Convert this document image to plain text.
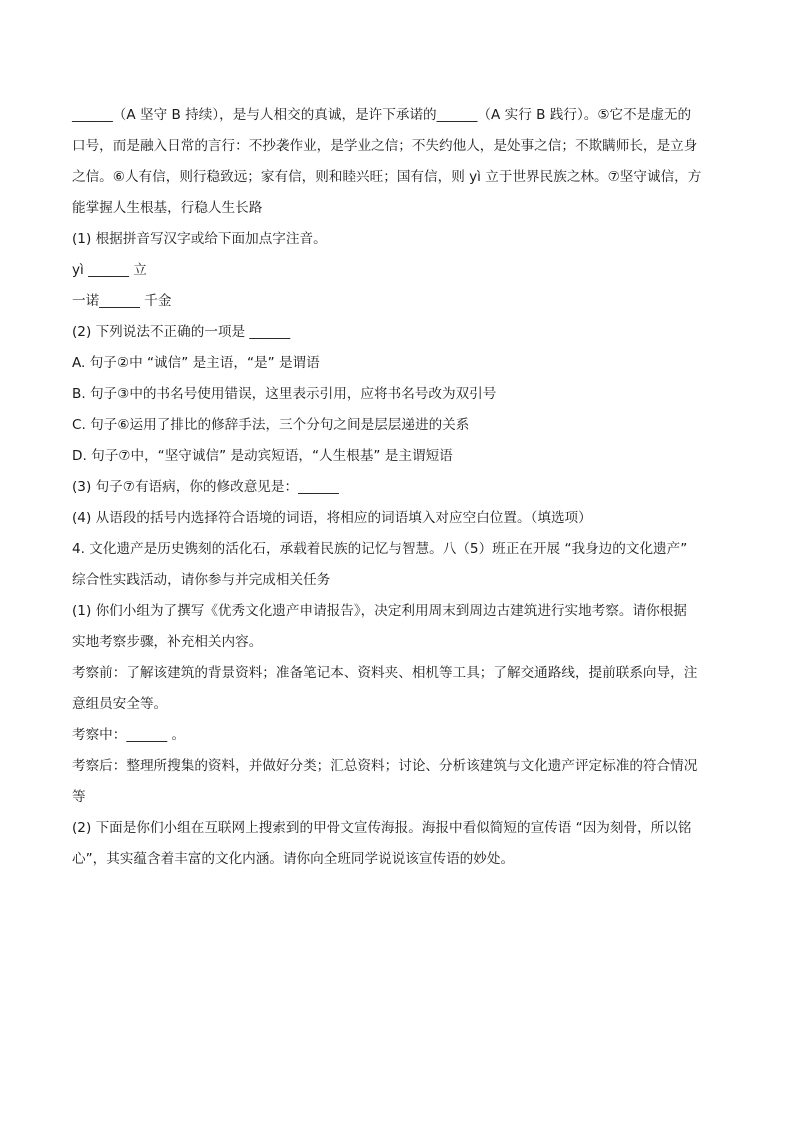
______（A 坚守 B 持续），是与人相交的真诚，是许下承诺的______（A 实行 B 践行）。⑤它不是虚无的

口号，而是融入日常的言行：不抄袭作业，是学业之信；不失约他人，是处事之信；不欺瞒师长，是立身

之信。⑥人有信，则行稳致远；家有信，则和睦兴旺；国有信，则 yì 立于世界民族之林。⑦坚守诚信，方

能掌握人生根基，行稳人生长路

(1) 根据拼音写汉字或给下面加点字注音。

yì ______ 立

一诺______ 千金

(2) 下列说法不正确的一项是 ______

A. 句子②中 “诚信” 是主语，“是” 是谓语

B. 句子③中的书名号使用错误，这里表示引用，应将书名号改为双引号

C. 句子⑥运用了排比的修辞手法，三个分句之间是层层递进的关系

D. 句子⑦中，“坚守诚信” 是动宾短语，“人生根基” 是主谓短语

(3) 句子⑦有语病，你的修改意见是：______

(4) 从语段的括号内选择符合语境的词语，将相应的词语填入对应空白位置。（填选项）

4. 文化遗产是历史镌刻的活化石，承载着民族的记忆与智慧。八（5）班正在开展 “我身边的文化遗产”

综合性实践活动，请你参与并完成相关任务

(1) 你们小组为了撰写《优秀文化遗产申请报告》，决定利用周末到周边古建筑进行实地考察。请你根据

实地考察步骤，补充相关内容。

考察前：了解该建筑的背景资料；准备笔记本、资料夹、相机等工具；了解交通路线，提前联系向导，注

意组员安全等。

考察中：______ 。

考察后：整理所搜集的资料，并做好分类；汇总资料；讨论、分析该建筑与文化遗产评定标准的符合情况

等

(2) 下面是你们小组在互联网上搜索到的甲骨文宣传海报。海报中看似简短的宣传语 “因为刻骨，所以铭

心”，其实蕴含着丰富的文化内涵。请你向全班同学说说该宣传语的妙处。
